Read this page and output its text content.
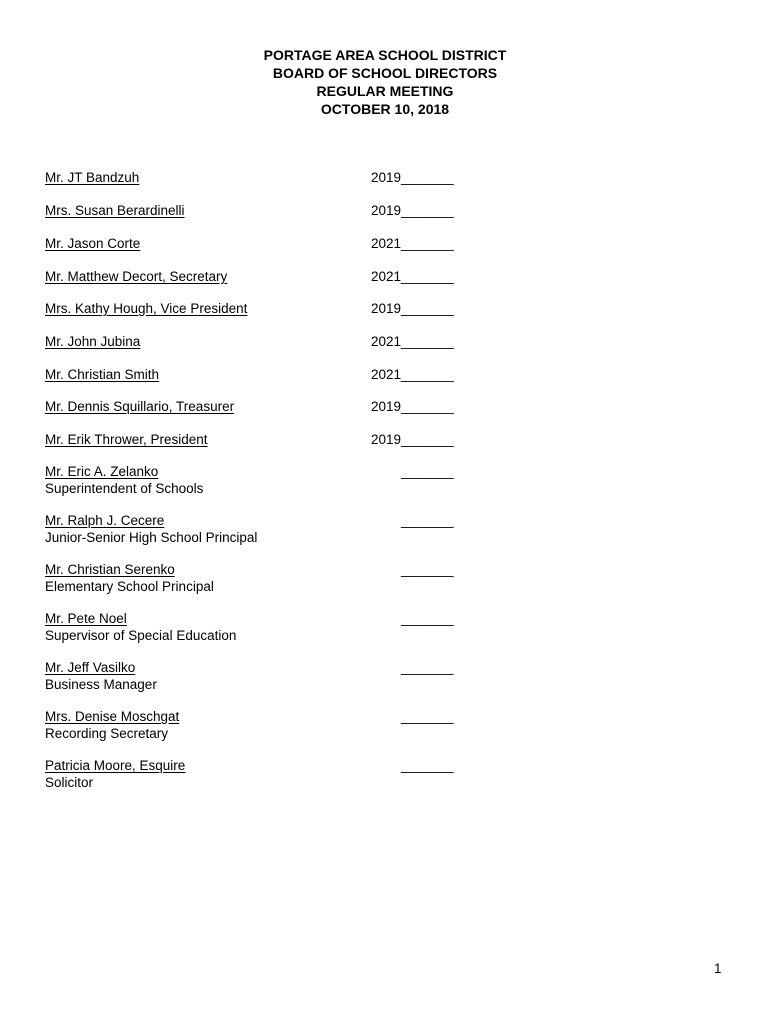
PORTAGE AREA SCHOOL DISTRICT
BOARD OF SCHOOL DIRECTORS
REGULAR MEETING
OCTOBER 10, 2018
Mr. JT Bandzuh	2019_______
Mrs. Susan Berardinelli	2019_______
Mr. Jason Corte	2021_______
Mr. Matthew Decort, Secretary	2021_______
Mrs. Kathy Hough, Vice President	2019_______
Mr. John Jubina	2021_______
Mr. Christian Smith	2021_______
Mr. Dennis Squillario, Treasurer	2019_______
Mr. Erik Thrower, President	2019_______
Mr. Eric A. Zelanko
Superintendent of Schools
_______
Mr. Ralph J. Cecere
Junior-Senior High School Principal
_______
Mr. Christian Serenko
Elementary School Principal
_______
Mr. Pete Noel
Supervisor of Special Education
_______
Mr. Jeff Vasilko
Business Manager
_______
Mrs. Denise Moschgat
Recording Secretary
_______
Patricia Moore, Esquire
Solicitor
_______
1
